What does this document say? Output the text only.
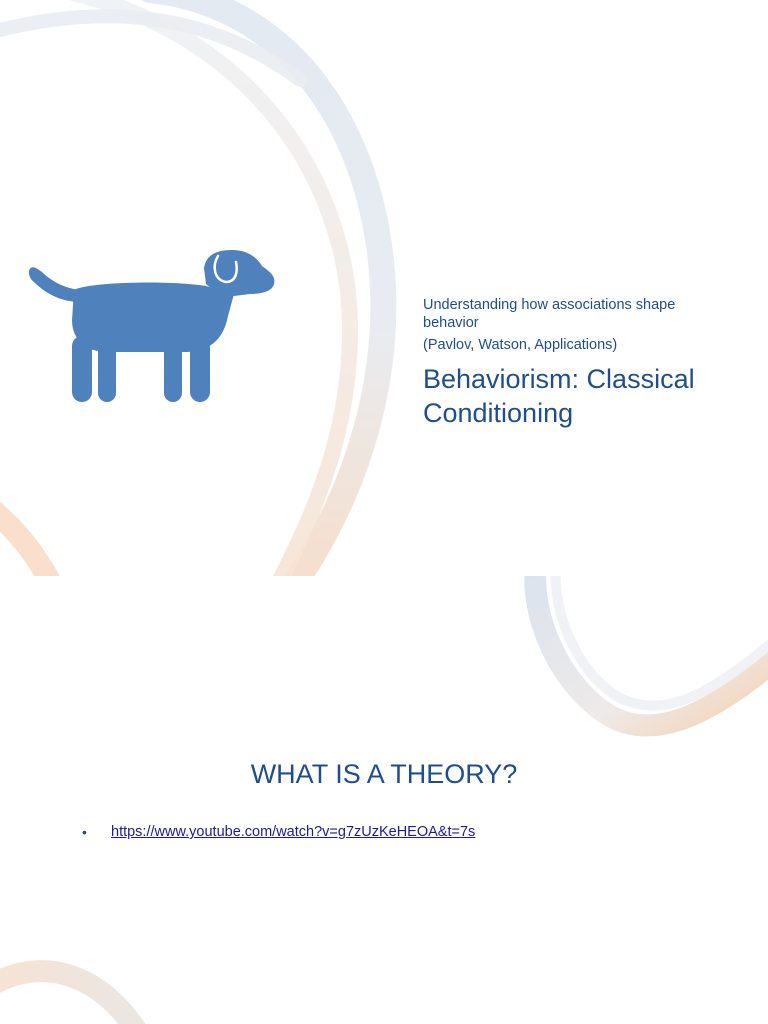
Understanding how associations shape behavior

(Pavlov, Watson, Applications)

Behaviorism: Classical Conditioning
WHAT IS A THEORY?
• https://www.youtube.com/watch?v=g7zUzKeHEOA&t=7s
